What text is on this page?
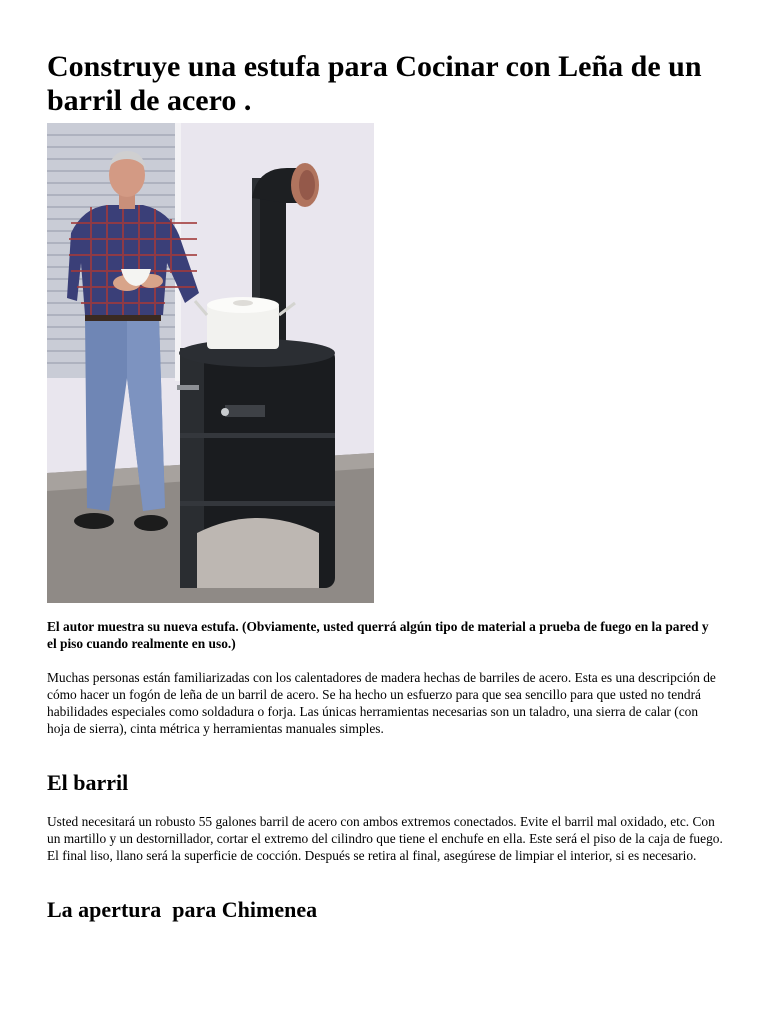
Construye una estufa para Cocinar con Leña de un barril de acero .

El autor muestra su nueva estufa. (Obviamente, usted querrá algún tipo de material a prueba de fuego en la pared y el piso cuando realmente en uso.)

Muchas personas están familiarizadas con los calentadores de madera hechas de barriles de acero. Esta es una descripción de cómo hacer un fogón de leña de un barril de acero. Se ha hecho un esfuerzo para que sea sencillo para que usted no tendrá habilidades especiales como soldadura o forja. Las únicas herramientas necesarias son un taladro, una sierra de calar (con hoja de sierra), cinta métrica y herramientas manuales simples.

El barril

Usted necesitará un robusto 55 galones barril de acero con ambos extremos conectados. Evite el barril mal oxidado, etc. Con un martillo y un destornillador, cortar el extremo del cilindro que tiene el enchufe en ella. Este será el piso de la caja de fuego. El final liso, llano será la superficie de cocción. Después se retira al final, asegúrese de limpiar el interior, si es necesario.

La apertura  para Chimenea
